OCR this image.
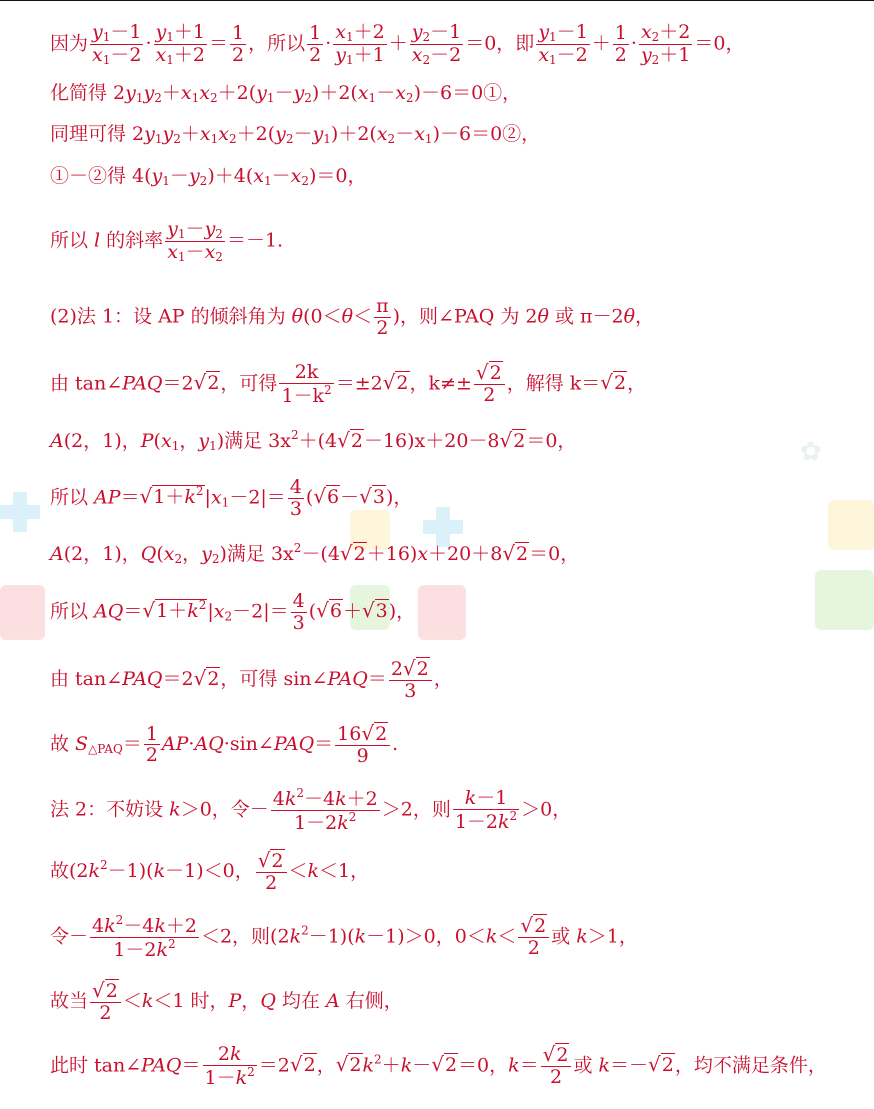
✿
因为 $\frac{y_1-1}{x_1-2} \cdot \frac{y_1+1}{x_1+2} = \frac{1}{2}$ ，所以 $\frac{1}{2} \cdot \frac{x_1+2}{y_1+1} + \frac{y_2-1}{x_2-2} =0$，即 $\frac{y_1-1}{x_1-2} + \frac{1}{2} \cdot \frac{x_2+2}{y_2+1} =0$，
化简得 $2y_1y_2+x_1x_2+2(y_1-y_2)+2(x_1-x_2)-6=0①$，
同理可得 $2y_1y_2+x_1x_2+2(y_2-y_1)+2(x_2-x_1)-6=0②$，
①－②得 $4(y_1-y_2)+4(x_1-x_2)=0$，
所以 l 的斜率 $\frac{y_1-y_2}{x_1-x_2} =-1$.
(2)法 1：设 AP 的倾斜角为 $\theta(0<\theta< \frac{\pi}{2}$ )，则∠PAQ 为 2θ 或 π－2θ，
由 tan∠PAQ＝2√2，可得 $\frac{2k}{1-k^2} =\pm 2√2$，$k\ne\pm \frac{√2}{2}$ ，解得 k＝√2，
A(2，1)，$P(x_1$，$y_1$)满足 $3x^2+(4√2-16)x+20-8√2=0$，
所以 $AP=√1+k^2|x_1-2|= \frac{4}{3} (√6-√3)$，
A(2，1)，$Q(x_2$，$y_2$)满足 $3x^2-(4√2+16)x+20+8√2=0$，
所以 $AQ=√1+k^2|x_2-2|= \frac{4}{3} (√6+√3)$，
由 tan∠PAQ＝2√2，可得 sin∠PAQ＝ $\frac{2√2}{3}$ ，
故 $S_{\triangle PAQ}= \frac{1}{2}$ AP·AQ·sin∠PAQ＝ $\frac{16√2}{9}$ .
法 2：不妨设 k＞0，令－ $\frac{4k^2-4k+2}{1-2k^2} >2$，则 $\frac{k-1}{1-2k^2} >0$，
故$(2k^2-1)(k-1)<0$， $\frac{√2}{2} <k<1$，
令－ $\frac{4k^2-4k+2}{1-2k^2} <2$，则$(2k^2-1)(k-1)>0$，$0<k< \frac{√2}{2}$ 或 k＞1，
故当 $\frac{√2}{2} <k<1$ 时，P，Q 均在 A 右侧，
此时 tan∠PAQ＝ $\frac{2k}{1-k^2} =2√2$，$√2k^2+k-√2=0$，$k= \frac{√2}{2}$ 或 k＝－√2，均不满足条件，
